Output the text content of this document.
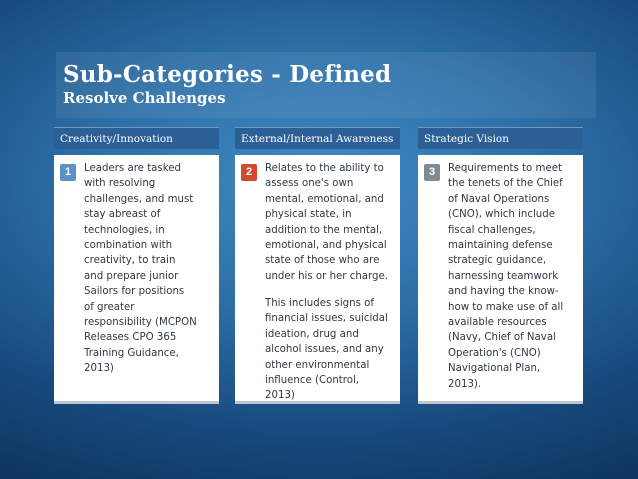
Sub-Categories - Defined
Resolve Challenges
Creativity/Innovation
1	Leaders are tasked
with resolving
challenges, and must
stay abreast of
technologies, in
combination with
creativity, to train
and prepare junior
Sailors for positions
of greater
responsibility (MCPON
Releases CPO 365
Training Guidance,
2013)
External/Internal Awareness
2	Relates to the ability to
assess one's own
mental, emotional, and
physical state, in
addition to the mental,
emotional, and physical
state of those who are
under his or her charge.
This includes signs of
financial issues, suicidal
ideation, drug and
alcohol issues, and any
other environmental
influence (Control,
2013)
Strategic Vision
3	Requirements to meet
the tenets of the Chief
of Naval Operations
(CNO), which include
fiscal challenges,
maintaining defense
strategic guidance,
harnessing teamwork
and having the know-
how to make use of all
available resources
(Navy, Chief of Naval
Operation's (CNO)
Navigational Plan,
2013).
